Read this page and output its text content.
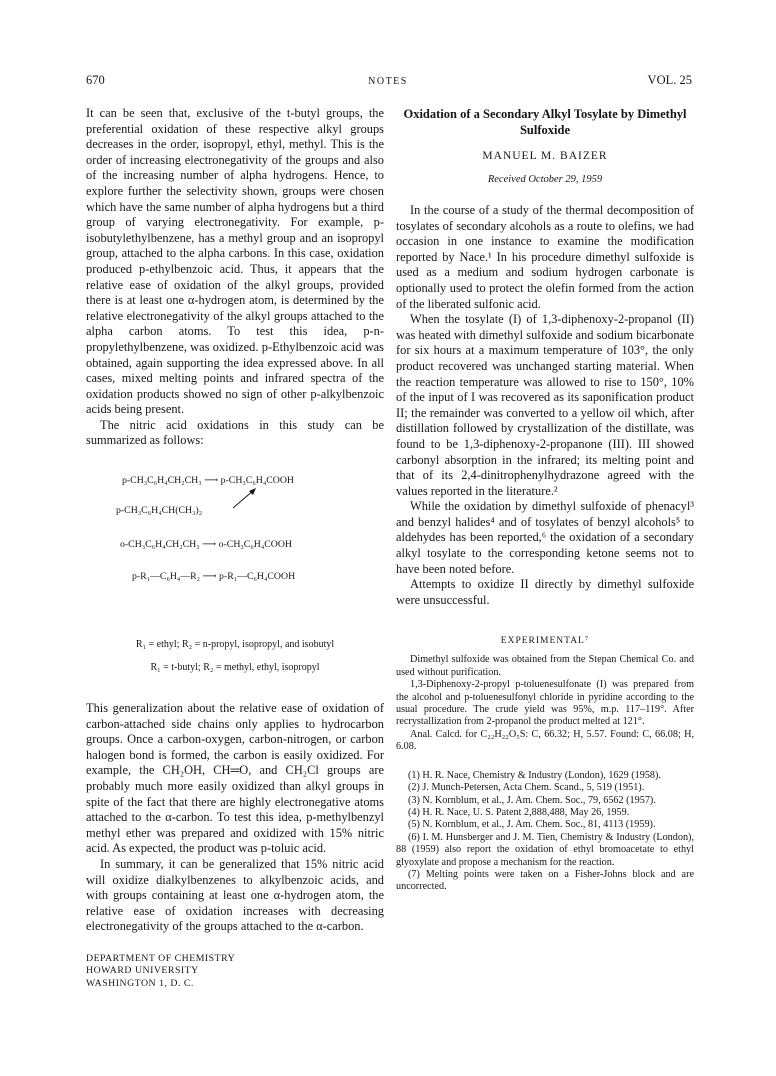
670	NOTES	VOL. 25

It can be seen that, exclusive of the t-butyl groups, the preferential oxidation of these respective alkyl groups decreases in the order, isopropyl, ethyl, methyl. This is the order of increasing electronegativity of the groups and also of the increasing number of alpha hydrogens. Hence, to explore further the selectivity shown, groups were chosen which have the same number of alpha hydrogens but a third group of varying electronegativity. For example, p-isobutylethylbenzene, has a methyl group and an isopropyl group, attached to the alpha carbons. In this case, oxidation produced p-ethylbenzoic acid. Thus, it appears that the relative ease of oxidation of the alkyl groups, provided there is at least one α-hydrogen atom, is determined by the relative electronegativity of the alkyl groups attached to the alpha carbon atoms. To test this idea, p-n-propylethylbenzene, was oxidized. p-Ethylbenzoic acid was obtained, again supporting the idea expressed above. In all cases, mixed melting points and infrared spectra of the oxidation products showed no sign of other p-alkylbenzoic acids being present.

The nitric acid oxidations in this study can be summarized as follows:

p-CH₃C₆H₄CH₂CH₃ ⟶ p-CH₃C₆H₄COOH
p-CH₃C₆H₄CH(CH₃)₂
o-CH₃C₆H₄CH₂CH₃ ⟶ o-CH₃C₆H₄COOH
p-R₁—C₆H₄—R₂ ⟶ p-R₁—C₆H₄COOH
R₁ = ethyl; R₂ = n-propyl, isopropyl, and isobutyl
R₁ = t-butyl; R₂ = methyl, ethyl, isopropyl

This generalization about the relative ease of oxidation of carbon-attached side chains only applies to hydrocarbon groups. Once a carbon-oxygen, carbon-nitrogen, or carbon halogen bond is formed, the carbon is easily oxidized. For example, the CH₂OH, CH═O, and CH₂Cl groups are probably much more easily oxidized than alkyl groups in spite of the fact that there are highly electronegative atoms attached to the α-carbon. To test this idea, p-methylbenzyl methyl ether was prepared and oxidized with 15% nitric acid. As expected, the product was p-toluic acid.

In summary, it can be generalized that 15% nitric acid will oxidize dialkylbenzenes to alkylbenzoic acids, and with groups containing at least one α-hydrogen atom, the relative ease of oxidation increases with decreasing electronegativity of the groups attached to the α-carbon.

DEPARTMENT OF CHEMISTRY
HOWARD UNIVERSITY
WASHINGTON 1, D. C.
Oxidation of a Secondary Alkyl Tosylate by Dimethyl Sulfoxide
MANUEL M. BAIZER
Received October 29, 1959

In the course of a study of the thermal decomposition of tosylates of secondary alcohols as a route to olefins, we had occasion in one instance to examine the modification reported by Nace.¹ In his procedure dimethyl sulfoxide is used as a medium and sodium hydrogen carbonate is optionally used to protect the olefin formed from the action of the liberated sulfonic acid.

When the tosylate (I) of 1,3-diphenoxy-2-propanol (II) was heated with dimethyl sulfoxide and sodium bicarbonate for six hours at a maximum temperature of 103°, the only product recovered was unchanged starting material. When the reaction temperature was allowed to rise to 150°, 10% of the input of I was recovered as its saponification product II; the remainder was converted to a yellow oil which, after distillation followed by crystallization of the distillate, was found to be 1,3-diphenoxy-2-propanone (III). III showed carbonyl absorption in the infrared; its melting point and that of its 2,4-dinitrophenylhydrazone agreed with the values reported in the literature.²

While the oxidation by dimethyl sulfoxide of phenacyl³ and benzyl halides⁴ and of tosylates of benzyl alcohols⁵ to aldehydes has been reported,⁶ the oxidation of a secondary alkyl tosylate to the corresponding ketone seems not to have been noted before.

Attempts to oxidize II directly by dimethyl sulfoxide were unsuccessful.

EXPERIMENTAL⁷

Dimethyl sulfoxide was obtained from the Stepan Chemical Co. and used without purification.

1,3-Diphenoxy-2-propyl p-toluenesulfonate (I) was prepared from the alcohol and p-toluenesulfonyl chloride in pyridine according to the usual procedure. The crude yield was 95%, m.p. 117–119°. After recrystallization from 2-propanol the product melted at 121°.

Anal. Calcd. for C₂₂H₂₂O₅S: C, 66.32; H, 5.57. Found: C, 66.08; H, 6.08.

(1) H. R. Nace, Chemistry & Industry (London), 1629 (1958).

(2) J. Munch-Petersen, Acta Chem. Scand., 5, 519 (1951).

(3) N. Kornblum, et al., J. Am. Chem. Soc., 79, 6562 (1957).

(4) H. R. Nace, U. S. Patent 2,888,488, May 26, 1959.

(5) N. Kornblum, et al., J. Am. Chem. Soc., 81, 4113 (1959).

(6) I. M. Hunsberger and J. M. Tien, Chemistry & Industry (London), 88 (1959) also report the oxidation of ethyl bromoacetate to ethyl glyoxylate and propose a mechanism for the reaction.

(7) Melting points were taken on a Fisher-Johns block and are uncorrected.
